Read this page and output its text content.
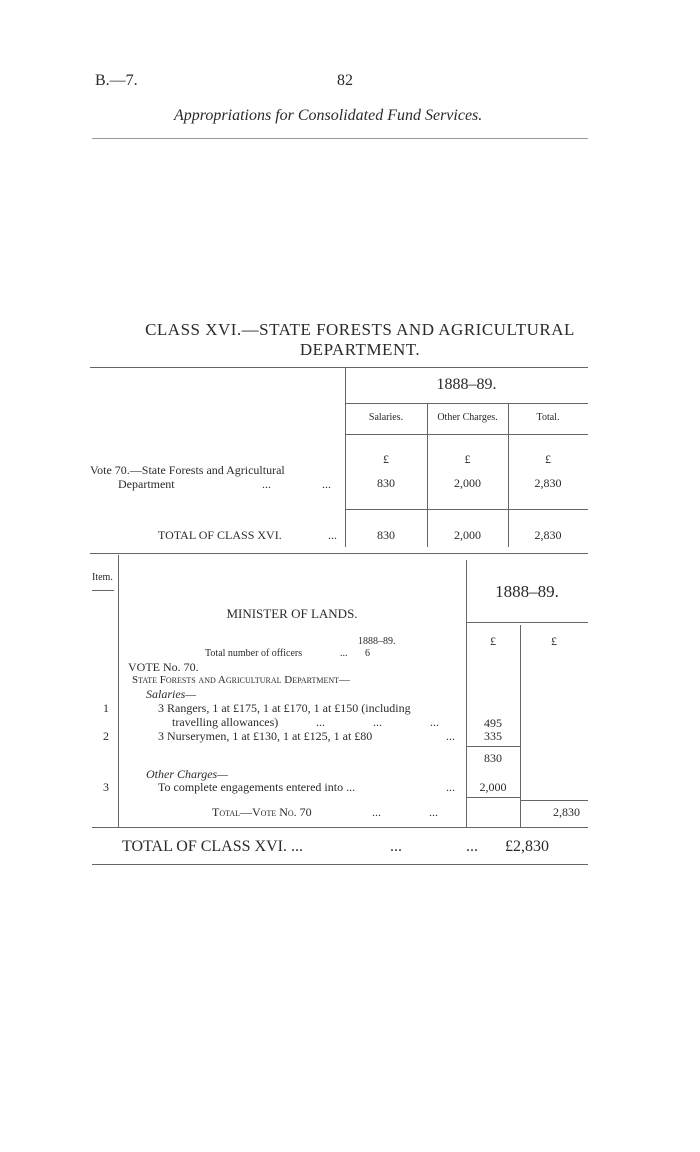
B.—7.	82
Appropriations for Consolidated Fund Services.
CLASS XVI.—STATE FORESTS AND AGRICULTURAL
DEPARTMENT.
1888–89.
Salaries.	Other Charges.	Total.
£	£	£
Vote 70.—State Forests and Agricultural
Department	...	...	830	2,000	2,830
TOTAL OF CLASS XVI.	...	830	2,000	2,830
Item.
1888–89.
MINISTER OF LANDS.
1888–89.	£	£
Total number of officers	... 6
VOTE No. 70.
State Forests and Agricultural Department—
Salaries—
1	3 Rangers, 1 at £175, 1 at £170, 1 at £150 (including
travelling allowances)	...                ...                ...	495
2	3 Nurserymen, 1 at £130, 1 at £125, 1 at £80	...	335
830
Other Charges—
3	To complete engagements entered into ...	...	2,000
Total—Vote No. 70	...                ...	2,830
TOTAL OF CLASS XVI. ...	...                ... £2,830
